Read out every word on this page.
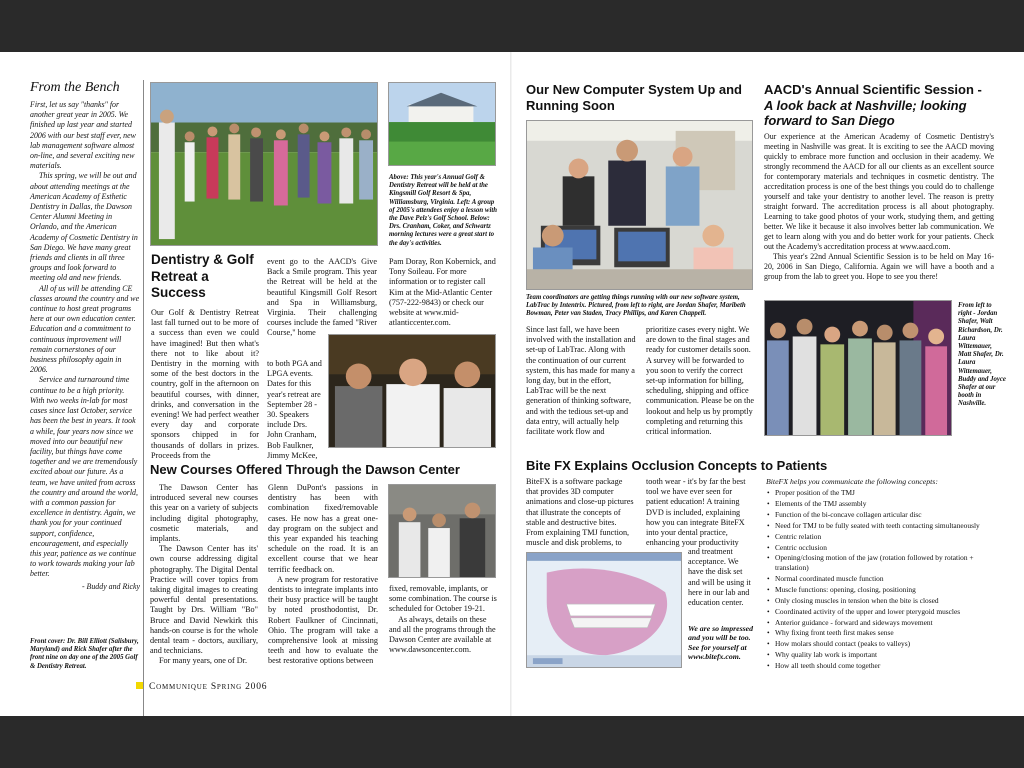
From the Bench

First, let us say "thanks" for another great year in 2005. We finished up last year and started 2006 with our best staff ever, new lab management software almost on-line, and several exciting new materials.

This spring, we will be out and about attending meetings at the American Academy of Esthetic Dentistry in Dallas, the Dawson Center Alumni Meeting in Orlando, and the American Academy of Cosmetic Dentistry in San Diego. We have many great friends and clients in all three groups and look forward to meeting old and new friends.

All of us will be attending CE classes around the country and we continue to host great programs here at our own education center. Education and a commitment to continuous improvement will remain cornerstones of our business philosophy again in 2006.

Service and turnaround time continue to be a high priority. With two weeks in-lab for most cases since last October, service has been the best in years. It took a while, four years now since we moved into our beautiful new facility, but things have come together and we are tremendously excited about our future. As a team, we have united from across the country and around the world, with a common passion for excellence in dentistry. Again, we thank you for your continued support, confidence, encouragement, and especially this year, patience as we continue to work towards making your lab better.

- Buddy and Ricky

Front cover: Dr. Bill Elliott (Salisbury, Maryland) and Rick Shafer after the front nine on day one of the 2005 Golf & Dentistry Retreat.
Above: This year's Annual Golf & Dentistry Retreat will be held at the Kingsmill Golf Resort & Spa, Williamsburg, Virginia. Left: A group of 2005's attendees enjoy a lesson with the Dave Pelz's Golf School. Below: Drs. Cranham, Coker, and Schwartz morning lectures were a great start to the day's activities.
Dentistry & Golf Retreat a Success
Our Golf & Dentistry Retreat last fall turned out to be more of a success than even we could have imagined! But then what's there not to like about it? Dentistry in the morning with some of the best doctors in the country, golf in the afternoon on beautiful courses, with dinner, drinks, and conversation in the evening! We had perfect weather every day and corporate sponsors chipped in for thousands of dollars in prizes. Proceeds from the
event go to the AACD's Give Back a Smile program. This year the Retreat will be held at the beautiful Kingsmill Golf Resort and Spa in Williamsburg, Virginia. Their challenging courses include the famed "River Course," home
to both PGA and LPGA events. Dates for this year's retreat are September 28 - 30. Speakers include Drs. John Cranham, Bob Faulkner, Jimmy McKee,
Pam Doray, Ron Kobernick, and Tony Soileau. For more information or to register call Kim at the Mid-Atlantic Center (757-222-9843) or check our website at www.mid-atlanticcenter.com.
New Courses Offered Through the Dawson Center

The Dawson Center has introduced several new courses this year on a variety of subjects including digital photography, cosmetic materials, and implants.

The Dawson Center has its' own course addressing digital photography. The Digital Dental Practice will cover topics from taking digital images to creating powerful dental presentations. Taught by Drs. William "Bo" Bruce and David Newkirk this hands-on course is for the whole dental team - doctors, auxiliary, and technicians.

For many years, one of Dr.

Glenn DuPont's passions in dentistry has been with combination fixed/removable cases. He now has a great one-day program on the subject and this year expanded his teaching schedule on the road. It is an excellent course that we hear terrific feedback on.

A new program for restorative dentists to integrate implants into their busy practice will be taught by noted prosthodontist, Dr. Robert Faulkner of Cincinnati, Ohio. The program will take a comprehensive look at missing teeth and how to evaluate the best restorative options between

fixed, removable, implants, or some combination. The course is scheduled for October 19-21.

As always, details on these and all the programs through the Dawson Center are available at www.dawsoncenter.com.

Communique Spring 2006
Our New Computer System Up and Running Soon
Team coordinators are getting things running with our new software system, LabTrac by Intentrix. Pictured, from left to right, are Jordan Shafer, Maribeth Bowman, Peter van Staden, Tracy Phillips, and Karen Chappell.
Since last fall, we have been involved with the installation and set-up of LabTrac. Along with the continuation of our current system, this has made for many a long day, but in the effort, LabTrac will be the next generation of thinking software, and with the tedious set-up and data entry, will actually help facilitate work flow and
prioritize cases every night. We are down to the final stages and ready for customer details soon. A survey will be forwarded to you soon to verify the correct set-up information for billing, scheduling, shipping and office communication. Please be on the lookout and help us by promptly completing and returning this critical information.
AACD's Annual Scientific Session -
A look back at Nashville; looking forward to San Diego

Our experience at the American Academy of Cosmetic Dentistry's meeting in Nashville was great. It is exciting to see the AACD moving quickly to embrace more function and occlusion in their academy. We strongly recommend the AACD for all our clients as an excellent source for contemporary materials and techniques in cosmetic dentistry. The accreditation process is one of the best things you could do to challenge yourself and take your dentistry to another level. The reason is pretty straight forward. The accreditation process is all about photography. Learning to take good photos of your work, studying them, and getting better. We like it because it also involves better lab communication. We get to learn along with you and do better work for your patients. Check out the Academy's accreditation process at www.aacd.com.

This year's 22nd Annual Scientific Session is to be held on May 16-20, 2006 in San Diego, California. Again we will have a booth and a group from the lab to greet you. Hope to see you there!

From left to right - Jordan Shafer, Walt Richardson, Dr. Laura Wittemauer, Matt Shafer, Dr. Laura Wittemauer, Buddy and Joyce Shafer at our booth in Nashville.
Bite FX Explains Occlusion Concepts to Patients
BiteFX is a software package that provides 3D computer animations and close-up pictures that illustrate the concepts of stable and destructive bites. From explaining TMJ function, muscle and disk problems, to
tooth wear - it's by far the best tool we have ever seen for patient education! A training DVD is included, explaining how you can integrate BiteFX into your dental practice, enhancing your productivity
and treatment acceptance. We have the disk set and will be using it here in our lab and education center.
We are so impressed and you will be too. See for yourself at www.bitefx.com.
BiteFX helps you communicate the following concepts:
• Proper position of the TMJ
• Elements of the TMJ assembly
• Function of the bi-concave collagen articular disc
• Need for TMJ to be fully seated with teeth contacting simultaneously
• Centric relation
• Centric occlusion
• Opening/closing motion of the jaw (rotation followed by rotation + translation)
• Normal coordinated muscle function
• Muscle functions: opening, closing, positioning
• Only closing muscles in tension when the bite is closed
• Coordinated activity of the upper and lower pterygoid muscles
• Anterior guidance - forward and sideways movement
• Why fixing front teeth first makes sense
• How molars should contact (peaks to valleys)
• Why quality lab work is important
• How all teeth should come together
